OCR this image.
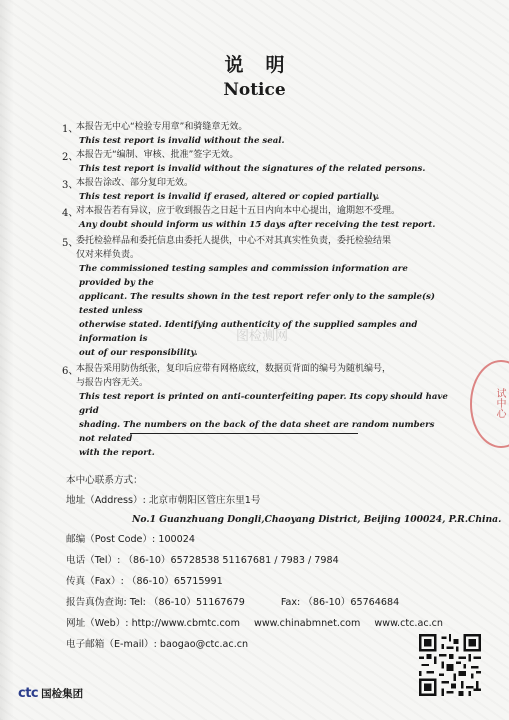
说明
Notice
1、
本报告无中心“检验专用章”和骑缝章无效。
This test report is invalid without the seal.
2、
本报告无“编制、审核、批准”签字无效。
This test report is invalid without the signatures of the related persons.
3、
本报告涂改、部分复印无效。
This test report is invalid if erased, altered or copied partially.
4、
对本报告若有异议，应于收到报告之日起十五日内向本中心提出，逾期恕不受理。
Any doubt should inform us within 15 days after receiving the test report.
5、
委托检验样品和委托信息由委托人提供，中心不对其真实性负责，委托检验结果
仅对来样负责。
The commissioned testing samples and commission information are provided by the
applicant. The results shown in the test report refer only to the sample(s) tested unless
otherwise stated. Identifying authenticity of the supplied samples and information is
out of our responsibility.
6、
本报告采用防伪纸张，复印后应带有网格底纹，数据页背面的编号为随机编号，
与报告内容无关。
This test report is printed on anti-counterfeiting paper. Its copy should have grid
shading. The numbers on the back of the data sheet are random numbers not related
with the report.
图检测网
试中心
本中心联系方式：
地址（Address）: 北京市朝阳区管庄东里1号
No.1 Guanzhuang Dongli,Chaoyang District, Beijing 100024, P.R.China.
邮编（Post Code）: 100024
电话（Tel）: （86-10）65728538 51167681 / 7983 / 7984
传真（Fax）: （86-10）65715991
报告真伪查询: Tel: （86-10）51167679	Fax: （86-10）65764684
网址（Web）: http://www.cbmtc.com www.chinabmnet.com www.ctc.ac.cn
电子邮箱（E-mail）: baogao@ctc.ac.cn
ctc 国检集团
